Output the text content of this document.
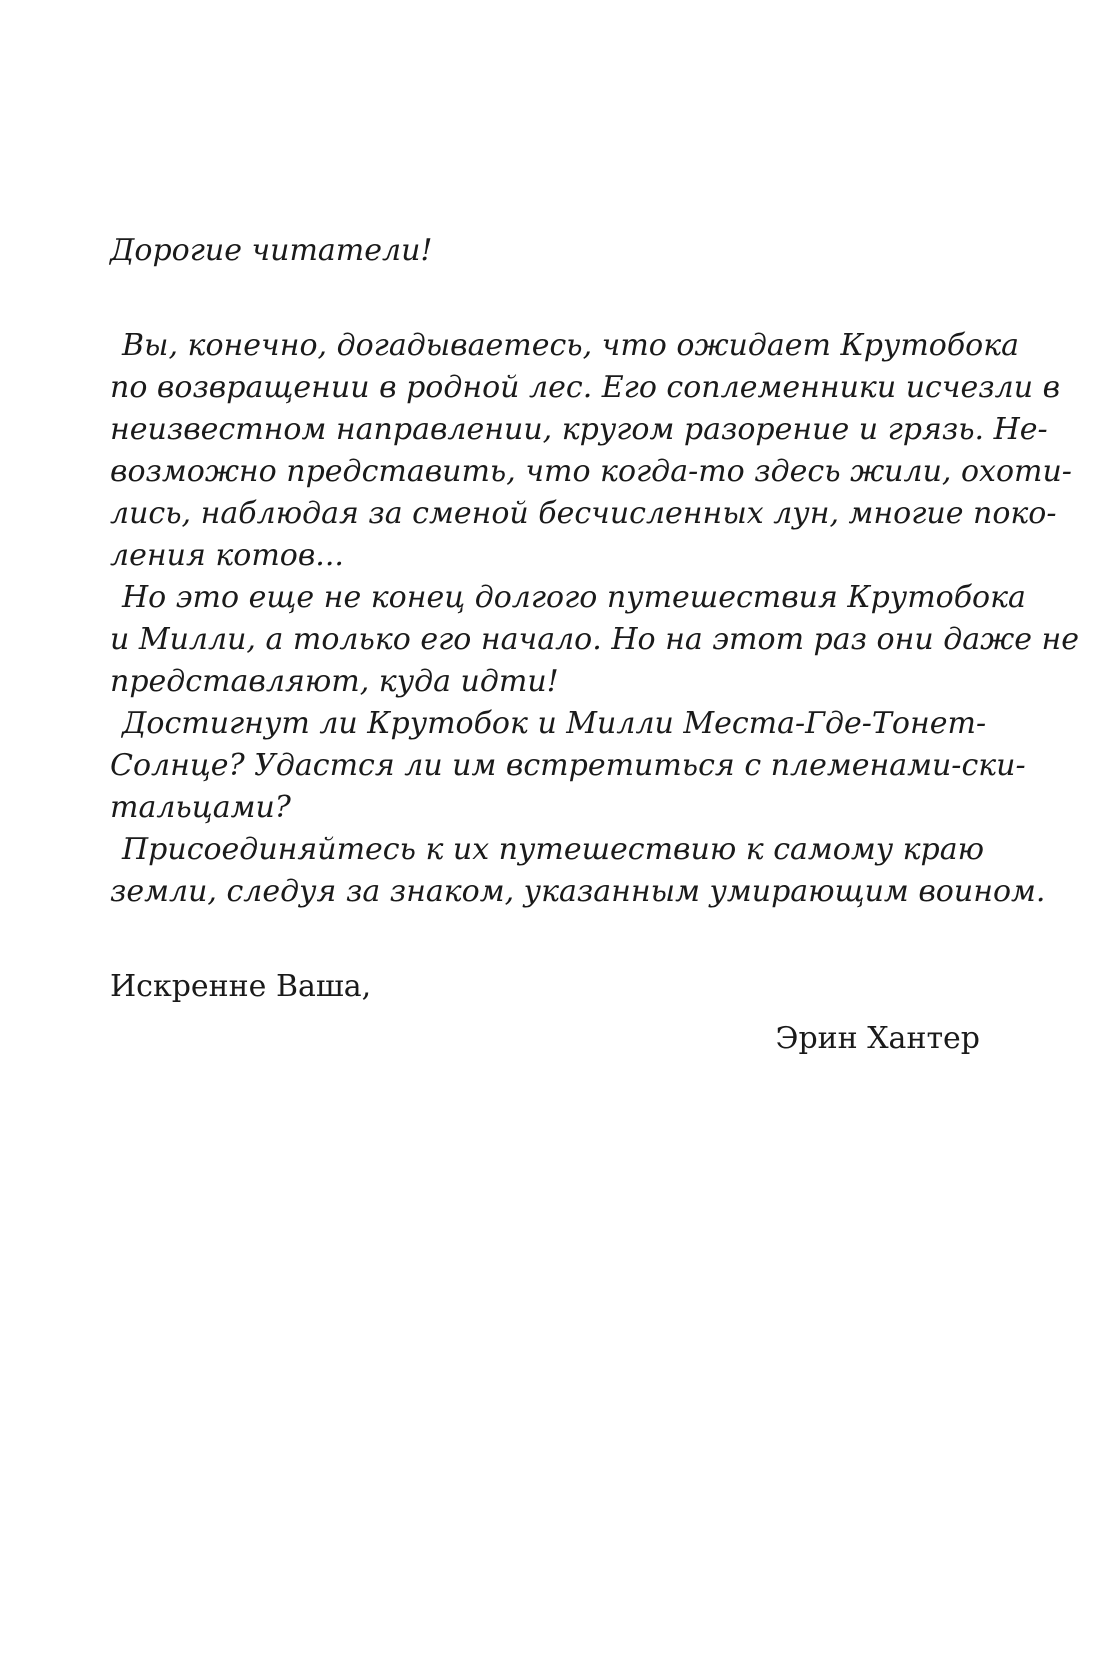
Дорогие читатели!
Вы, конечно, догадываетесь, что ожидает Крутобока
по возвращении в родной лес. Его соплеменники исчезли в
неизвестном направлении, кругом разорение и грязь. Не-
возможно представить, что когда-то здесь жили, охоти-
лись, наблюдая за сменой бесчисленных лун, многие поко-
ления котов...
Но это еще не конец долгого путешествия Крутобока
и Милли, а только его начало. Но на этот раз они даже не
представляют, куда идти!
Достигнут ли Крутобок и Милли Места-Где-Тонет-
Солнце? Удастся ли им встретиться с племенами-ски-
тальцами?
Присоединяйтесь к их путешествию к самому краю
земли, следуя за знаком, указанным умирающим воином.
Искренне Ваша,
Эрин Хантер
